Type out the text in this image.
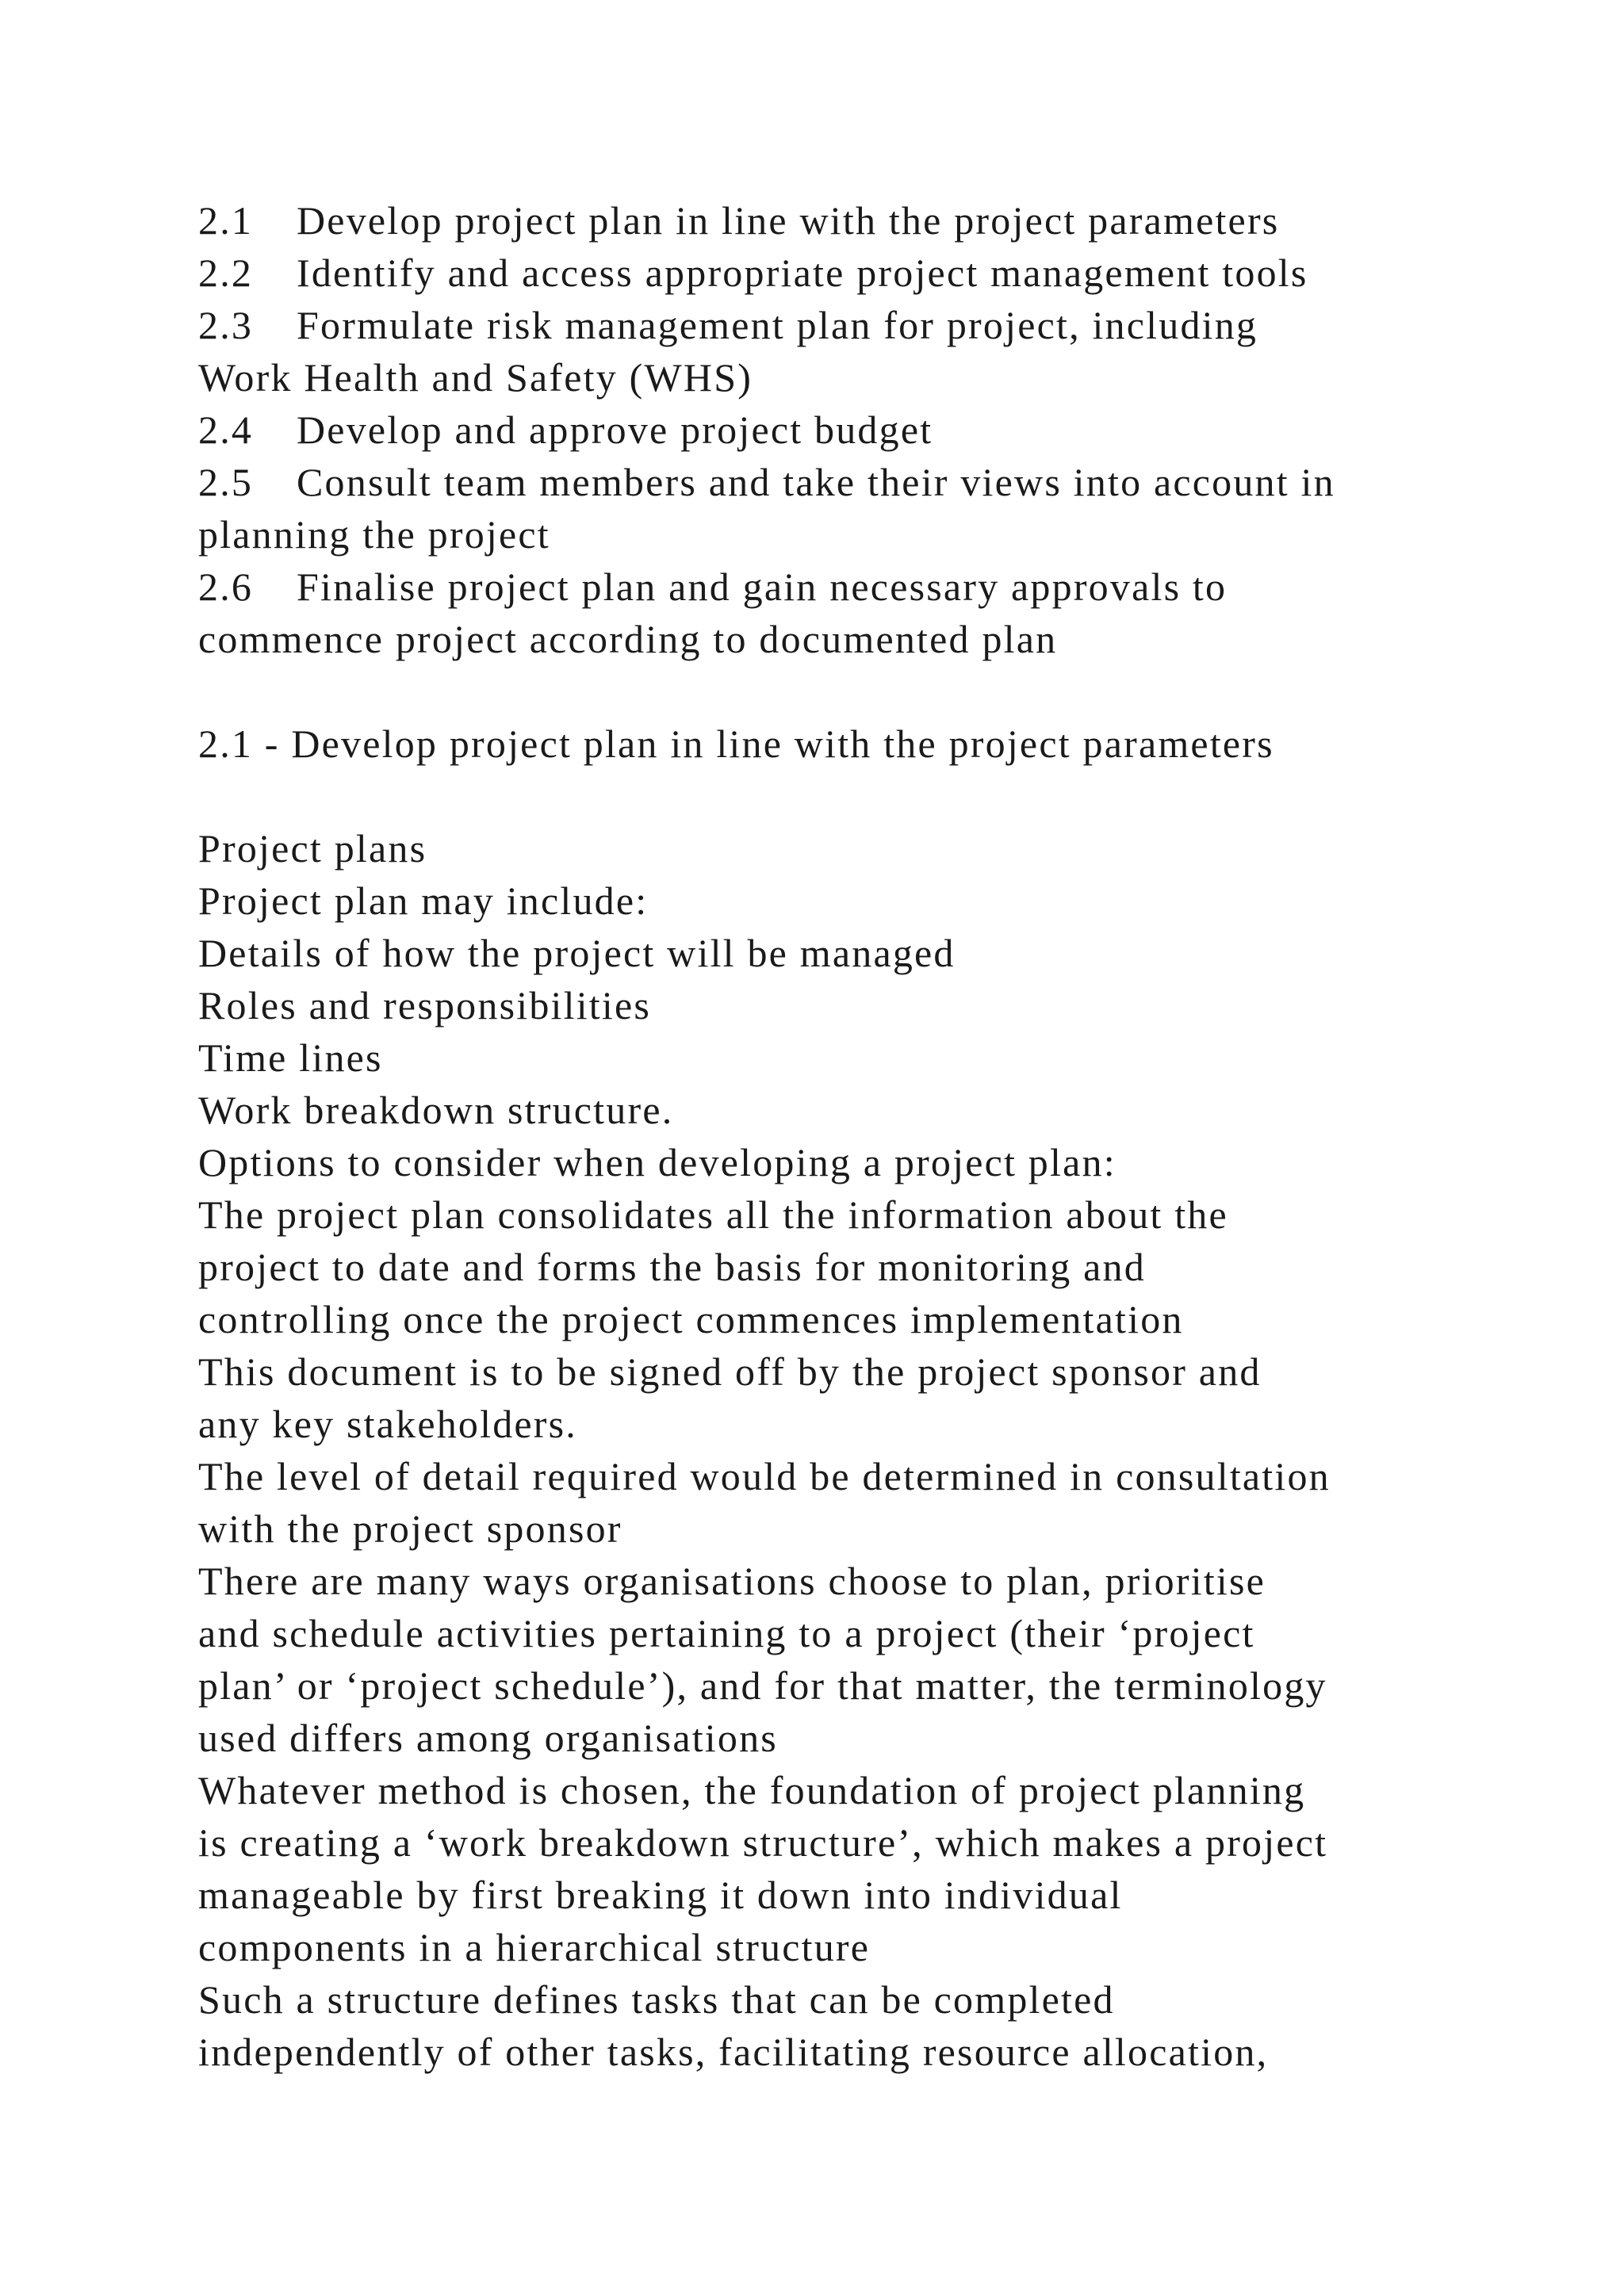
2.1 Develop project plan in line with the project parameters
2.2 Identify and access appropriate project management tools
2.3 Formulate risk management plan for project, including
Work Health and Safety (WHS)
2.4 Develop and approve project budget
2.5 Consult team members and take their views into account in
planning the project
2.6 Finalise project plan and gain necessary approvals to
commence project according to documented plan
2.1 - Develop project plan in line with the project parameters
Project plans
Project plan may include:
Details of how the project will be managed
Roles and responsibilities
Time lines
Work breakdown structure.
Options to consider when developing a project plan:
The project plan consolidates all the information about the
project to date and forms the basis for monitoring and
controlling once the project commences implementation
This document is to be signed off by the project sponsor and
any key stakeholders.
The level of detail required would be determined in consultation
with the project sponsor
There are many ways organisations choose to plan, prioritise
and schedule activities pertaining to a project (their ‘project
plan’ or ‘project schedule’), and for that matter, the terminology
used differs among organisations
Whatever method is chosen, the foundation of project planning
is creating a ‘work breakdown structure’, which makes a project
manageable by first breaking it down into individual
components in a hierarchical structure
Such a structure defines tasks that can be completed
independently of other tasks, facilitating resource allocation,
